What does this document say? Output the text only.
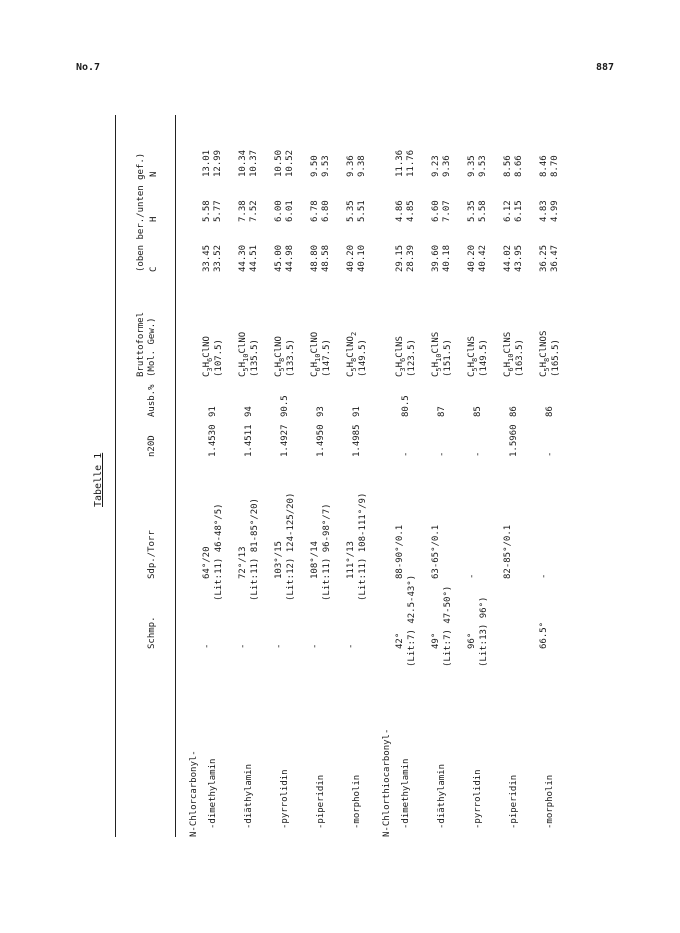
No.7	887
Tabelle 1
Schmp.
Sdp./Torr
n20D
Ausb.%
Bruttoformel (Mol. Gew.)
(oben ber./unten gef.) C
H
N
N-Chlorcarbonyl- -dimethylamin
-
64°/20 (Lit:11) 46-48°/5)
1.4530
91
$C_3H_6ClNO$
(107.5)
33.45 33.52
5.58 5.77
13.01 12.99
-diäthylamin
-
72°/13 (Lit:11) 81-85°/20)
1.4511
94
$C_5H_{10}ClNO$
(135.5)
44.30 44.51
7.38 7.52
10.34 10.37
-pyrrolidin
-
103°/15 (Lit:12) 124-125/20)
1.4927
90.5
$C_5H_8ClNO$
(133.5)
45.00 44.98
6.00 6.01
10.50 10.52
-piperidin
-
108°/14 (Lit:11) 96-98°/7)
1.4950
93
$C_6H_{10}ClNO$
(147.5)
48.80 48.58
6.78 6.80
9.50 9.53
-morpholin
-
111°/13 (Lit:11) 108-111°/9)
1.4985
91
$C_5H_8ClNO_2$
(149.5)
40.20 40.10
5.35 5.51
9.36 9.38
N-Chlorthiocarbonyl- -dimethylamin
42° (Lit:7) 42.5-43°)
88-90°/0.1
-
80.5
$C_3H_6ClNS$
(123.5)
29.15 28.39
4.86 4.85
11.36 11.76
-diäthylamin
49° (Lit:7) 47-50°)
63-65°/0.1
-
87
$C_5H_{10}ClNS$
(151.5)
39.60 40.18
6.60 7.07
9.23 9.36
-pyrrolidin
96° (Lit:13) 96°)
-
-
85
$C_5H_8ClNS$
(149.5)
40.20 40.42
5.35 5.58
9.35 9.53
-piperidin
82-85°/0.1
1.5960
86
$C_6H_{10}ClNS$
(163.5)
44.02 43.95
6.12 6.15
8.56 8.66
-morpholin
66.5°
-
-
86
$C_5H_8ClNOS$
(165.5)
36.25 36.47
4.83 4.99
8.46 8.70
